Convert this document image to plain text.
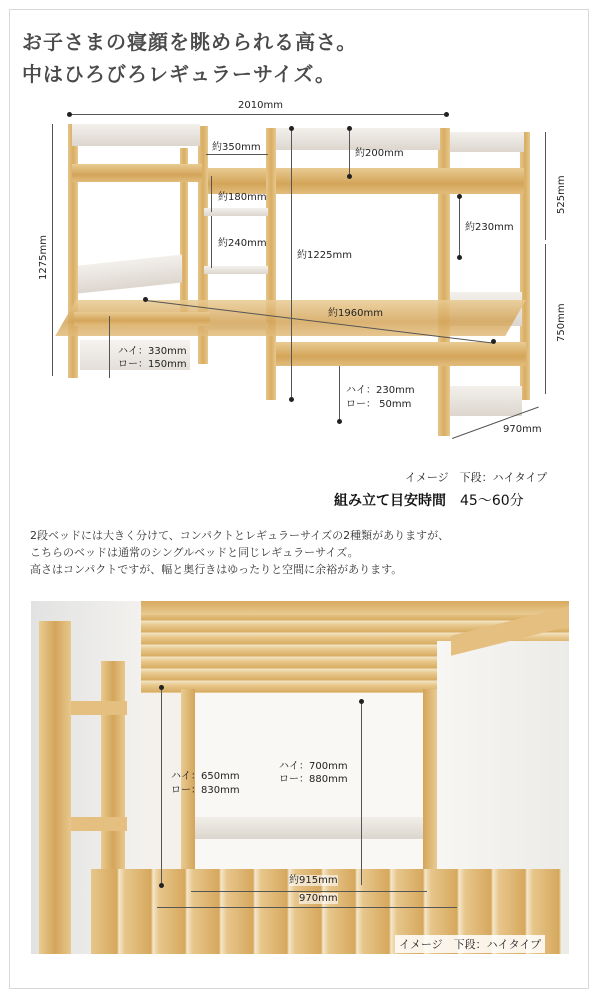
お子さまの寝顔を眺められる高さ。
中はひろびろレギュラーサイズ。
2010mm
1275mm
525mm
750mm
約350mm
約200mm
約180mm
約240mm
約230mm
約1225mm
約1960mm
ハイ：330mm
ロー：150mm
ハイ：230mm
ロー： 50mm
970mm
イメージ　下段：ハイタイプ
組み立て目安時間 45〜60分
2段ベッドには大きく分けて、コンパクトとレギュラーサイズの2種類がありますが、
こちらのベッドは通常のシングルベッドと同じレギュラーサイズ。
高さはコンパクトですが、幅と奥行きはゆったりと空間に余裕があります。
ハイ：650mm
ロー：830mm
ハイ：700mm
ロー：880mm
約915mm
970mm
イメージ　下段：ハイタイプ
